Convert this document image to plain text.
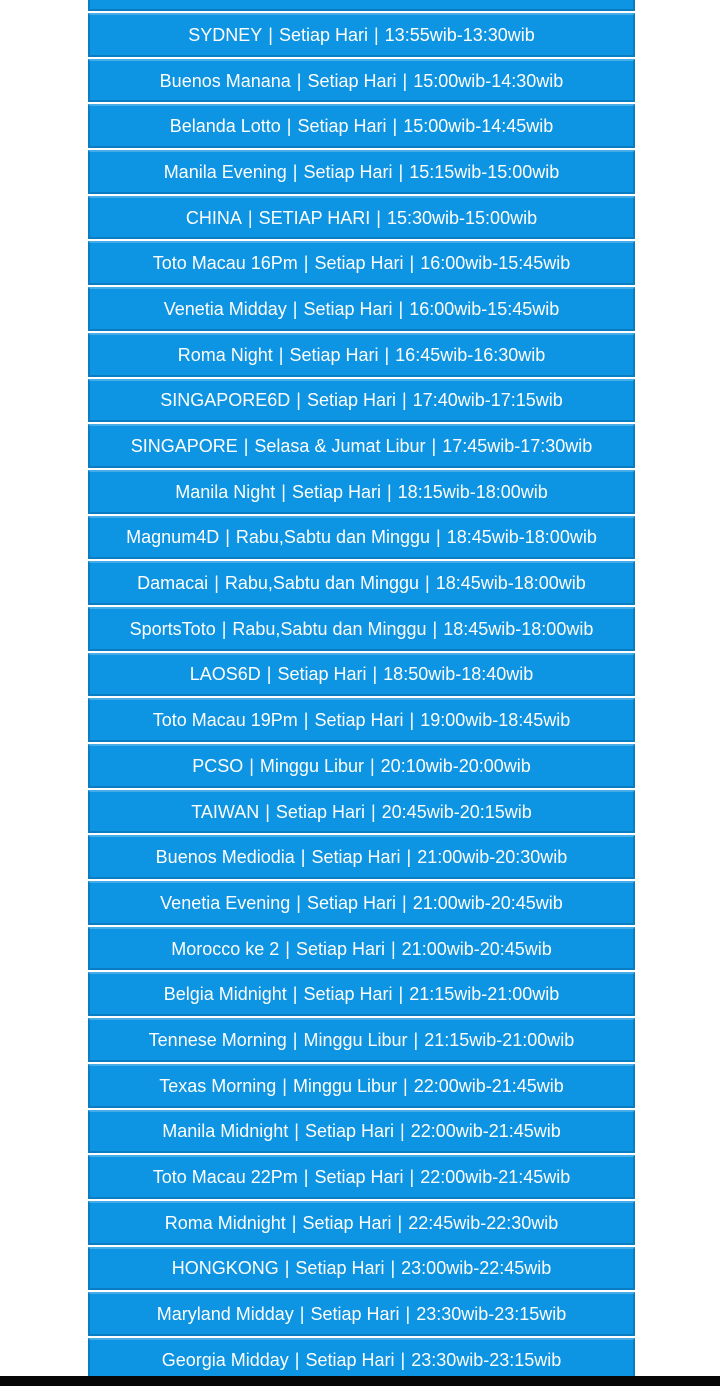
SYDNEY | Setiap Hari | 13:55wib-13:30wib
Buenos Manana | Setiap Hari | 15:00wib-14:30wib
Belanda Lotto | Setiap Hari | 15:00wib-14:45wib
Manila Evening | Setiap Hari | 15:15wib-15:00wib
CHINA | SETIAP HARI | 15:30wib-15:00wib
Toto Macau 16Pm | Setiap Hari | 16:00wib-15:45wib
Venetia Midday | Setiap Hari | 16:00wib-15:45wib
Roma Night | Setiap Hari | 16:45wib-16:30wib
SINGAPORE6D | Setiap Hari | 17:40wib-17:15wib
SINGAPORE | Selasa & Jumat Libur | 17:45wib-17:30wib
Manila Night | Setiap Hari | 18:15wib-18:00wib
Magnum4D | Rabu,Sabtu dan Minggu | 18:45wib-18:00wib
Damacai | Rabu,Sabtu dan Minggu | 18:45wib-18:00wib
SportsToto | Rabu,Sabtu dan Minggu | 18:45wib-18:00wib
LAOS6D | Setiap Hari | 18:50wib-18:40wib
Toto Macau 19Pm | Setiap Hari | 19:00wib-18:45wib
PCSO | Minggu Libur | 20:10wib-20:00wib
TAIWAN | Setiap Hari | 20:45wib-20:15wib
Buenos Mediodia | Setiap Hari | 21:00wib-20:30wib
Venetia Evening | Setiap Hari | 21:00wib-20:45wib
Morocco ke 2 | Setiap Hari | 21:00wib-20:45wib
Belgia Midnight | Setiap Hari | 21:15wib-21:00wib
Tennese Morning | Minggu Libur | 21:15wib-21:00wib
Texas Morning | Minggu Libur | 22:00wib-21:45wib
Manila Midnight | Setiap Hari | 22:00wib-21:45wib
Toto Macau 22Pm | Setiap Hari | 22:00wib-21:45wib
Roma Midnight | Setiap Hari | 22:45wib-22:30wib
HONGKONG | Setiap Hari | 23:00wib-22:45wib
Maryland Midday | Setiap Hari | 23:30wib-23:15wib
Georgia Midday | Setiap Hari | 23:30wib-23:15wib
